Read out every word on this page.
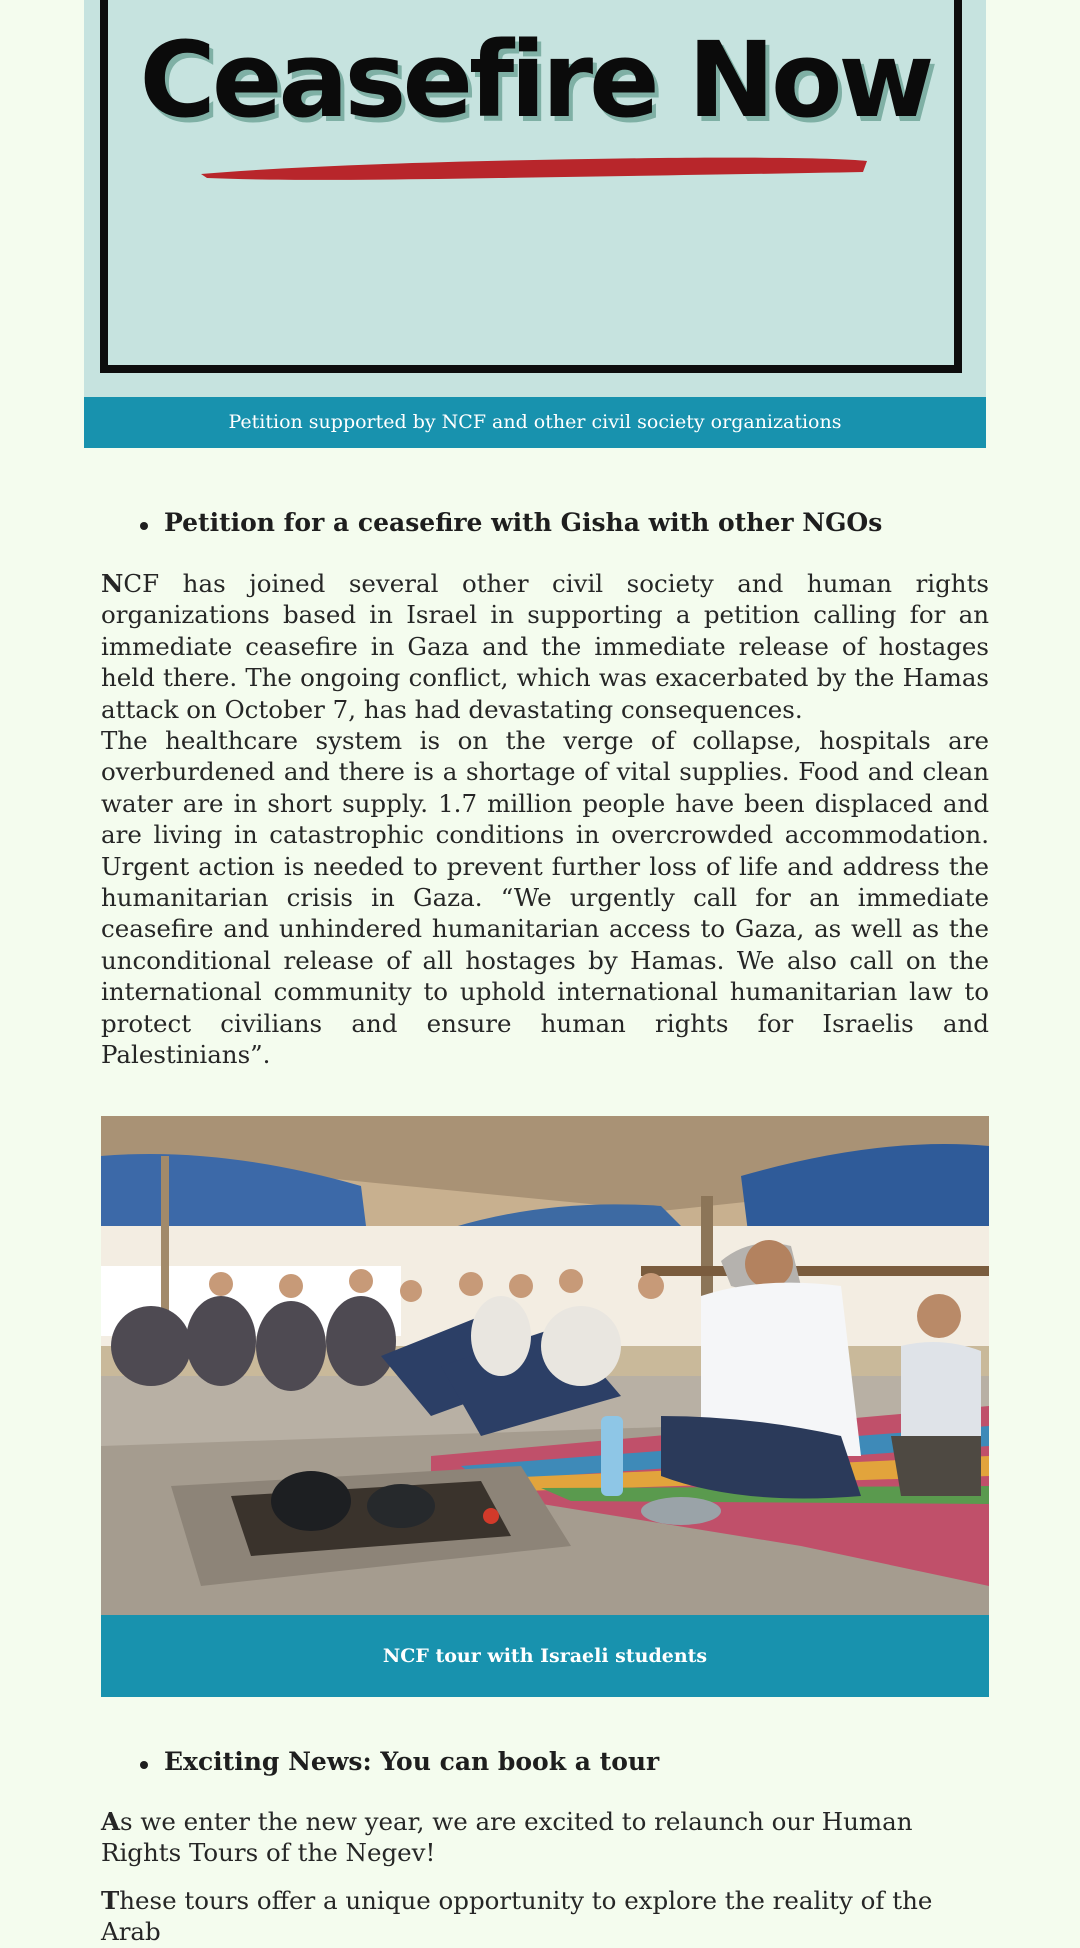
Ceasefire Now
Petition supported by NCF and other civil society organizations
Petition for a ceasefire with Gisha with other NGOs

NCF has joined several other civil society and human rights organizations based in Israel in supporting a petition calling for an immediate ceasefire in Gaza and the immediate release of hostages held there. The ongoing conflict, which was exacerbated by the Hamas attack on October 7, has had devastating consequences.

The healthcare system is on the verge of collapse, hospitals are overburdened and there is a shortage of vital supplies. Food and clean water are in short supply. 1.7 million people have been displaced and are living in catastrophic conditions in overcrowded accommodation. Urgent action is needed to prevent further loss of life and address the humanitarian crisis in Gaza. “We urgently call for an immediate ceasefire and unhindered humanitarian access to Gaza, as well as the unconditional release of all hostages by Hamas. We also call on the international community to uphold international humanitarian law to protect civilians and ensure human rights for Israelis and Palestinians”.

NCF tour with Israeli students
Exciting News: You can book a tour

As we enter the new year, we are excited to relaunch our Human Rights Tours of the Negev!

These tours offer a unique opportunity to explore the reality of the Arab
